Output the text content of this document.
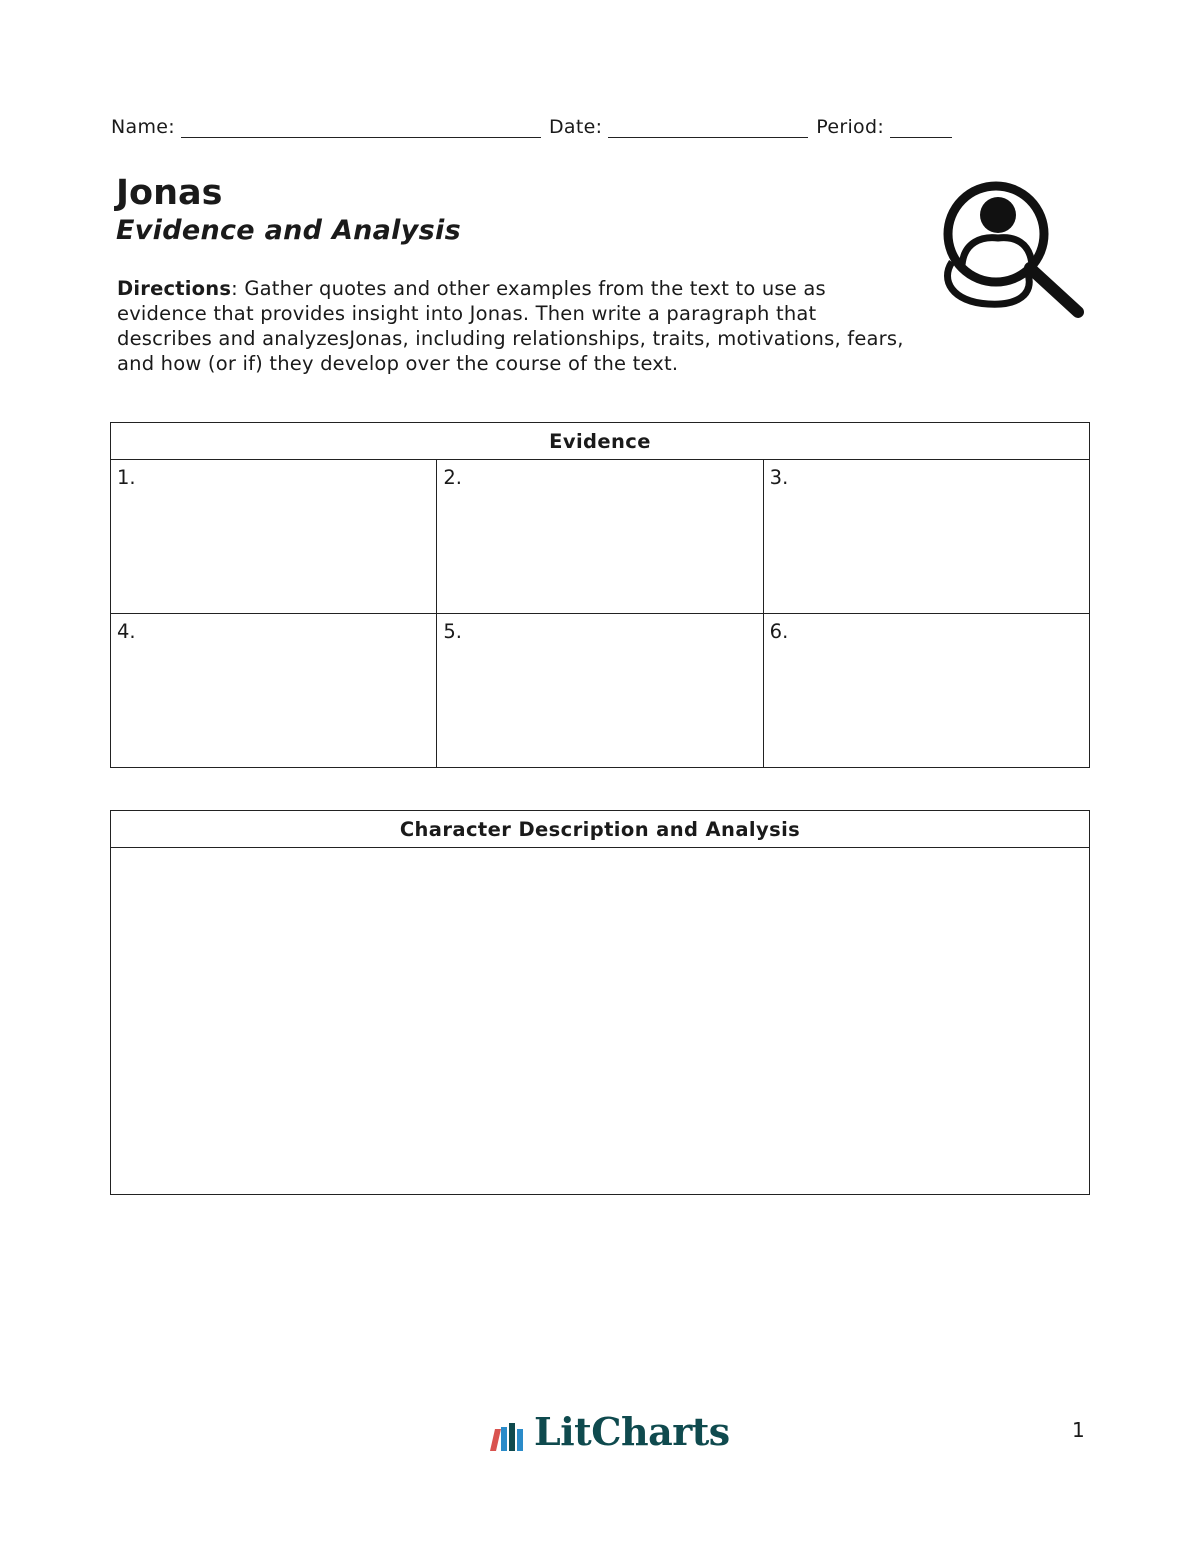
Name:	Date:	Period:
Jonas
Evidence and Analysis

Directions: Gather quotes and other examples from the text to use as evidence that provides insight into Jonas. Then write a paragraph that describes and analyzesJonas, including relationships, traits, motivations, fears, and how (or if) they develop over the course of the text.

Evidence		

1.	2.	3.

4.	5.	6.
Character Description and Analysis

LitCharts	1
